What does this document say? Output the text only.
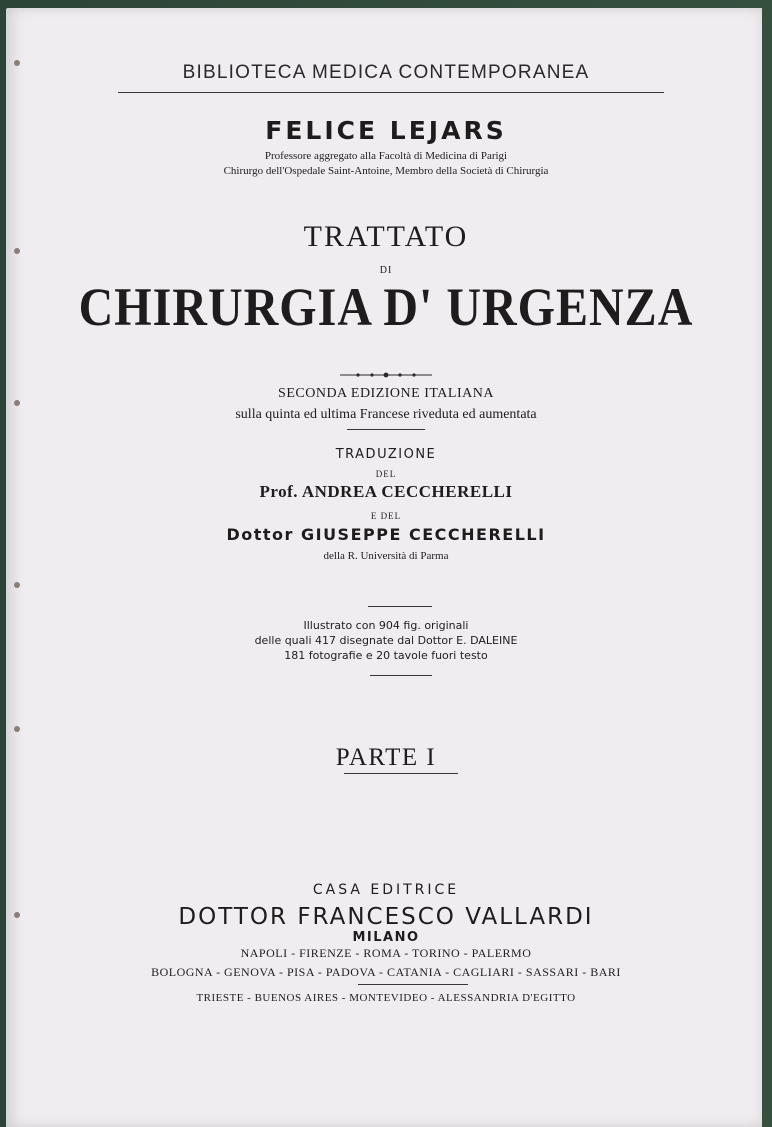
BIBLIOTECA MEDICA CONTEMPORANEA
FELICE LEJARS
Professore aggregato alla Facoltà di Medicina di Parigi
Chirurgo dell'Ospedale Saint-Antoine, Membro della Società di Chirurgia
TRATTATO
DI
CHIRURGIA D' URGENZA
SECONDA EDIZIONE ITALIANA
sulla quinta ed ultima Francese riveduta ed aumentata
TRADUZIONE
DEL
Prof. ANDREA CECCHERELLI
E DEL
Dottor GIUSEPPE CECCHERELLI
della R. Università di Parma
Illustrato con 904 fig. originali
delle quali 417 disegnate dal Dottor E. DALEINE
181 fotografie e 20 tavole fuori testo
PARTE I
CASA EDITRICE
DOTTOR FRANCESCO VALLARDI
MILANO
NAPOLI - FIRENZE - ROMA - TORINO - PALERMO
BOLOGNA - GENOVA - PISA - PADOVA - CATANIA - CAGLIARI - SASSARI - BARI
TRIESTE - BUENOS AIRES - MONTEVIDEO - ALESSANDRIA D'EGITTO
